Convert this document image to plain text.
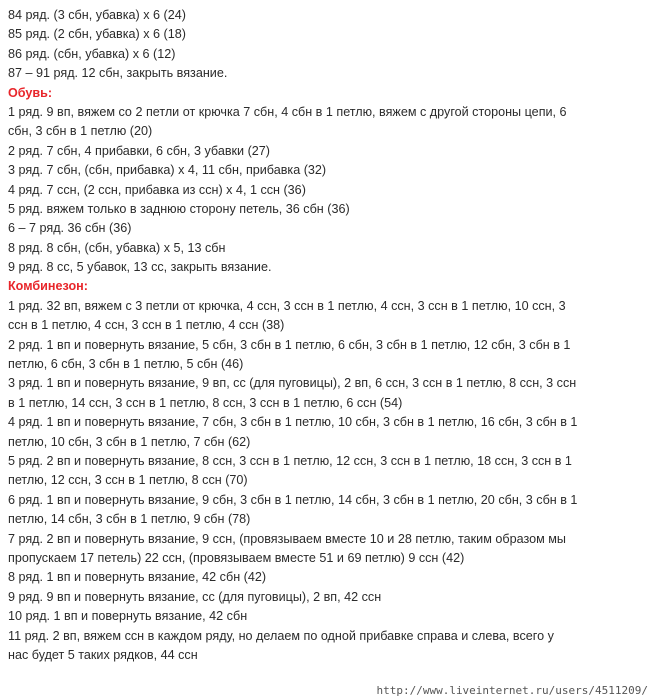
84 ряд. (3 сбн, убавка) х 6 (24)
85 ряд. (2 сбн, убавка) х 6 (18)
86 ряд. (сбн, убавка) х 6 (12)
87 – 91 ряд. 12 сбн, закрыть вязание.
Обувь:
1 ряд. 9 вп, вяжем со 2 петли от крючка 7 сбн, 4 сбн в 1 петлю, вяжем с другой стороны цепи, 6
сбн, 3 сбн в 1 петлю (20)
2 ряд. 7 сбн, 4 прибавки, 6 сбн, 3 убавки (27)
3 ряд. 7 сбн, (сбн, прибавка) х 4, 11 сбн, прибавка (32)
4 ряд. 7 ссн, (2 ссн, прибавка из ссн) х 4, 1 ссн (36)
5 ряд. вяжем только в заднюю сторону петель, 36 сбн (36)
6 – 7 ряд. 36 сбн (36)
8 ряд. 8 сбн, (сбн, убавка) х 5, 13 сбн
9 ряд. 8 сс, 5 убавок, 13 сс, закрыть вязание.
Комбинезон:
1 ряд. 32 вп, вяжем с 3 петли от крючка, 4 ссн, 3 ссн в 1 петлю, 4 ссн, 3 ссн в 1 петлю, 10 ссн, 3
ссн в 1 петлю, 4 ссн, 3 ссн в 1 петлю, 4 ссн (38)
2 ряд. 1 вп и повернуть вязание, 5 сбн, 3 сбн в 1 петлю, 6 сбн, 3 сбн в 1 петлю, 12 сбн, 3 сбн в 1
петлю, 6 сбн, 3 сбн в 1 петлю, 5 сбн (46)
3 ряд. 1 вп и повернуть вязание, 9 вп, сс (для пуговицы), 2 вп, 6 ссн, 3 ссн в 1 петлю, 8 ссн, 3 ссн
в 1 петлю, 14 ссн, 3 ссн в 1 петлю, 8 ссн, 3 ссн в 1 петлю, 6 ссн (54)
4 ряд. 1 вп и повернуть вязание, 7 сбн, 3 сбн в 1 петлю, 10 сбн, 3 сбн в 1 петлю, 16 сбн, 3 сбн в 1
петлю, 10 сбн, 3 сбн в 1 петлю, 7 сбн (62)
5 ряд. 2 вп и повернуть вязание, 8 ссн, 3 ссн в 1 петлю, 12 ссн, 3 ссн в 1 петлю, 18 ссн, 3 ссн в 1
петлю, 12 ссн, 3 ссн в 1 петлю, 8 ссн (70)
6 ряд. 1 вп и повернуть вязание, 9 сбн, 3 сбн в 1 петлю, 14 сбн, 3 сбн в 1 петлю, 20 сбн, 3 сбн в 1
петлю, 14 сбн, 3 сбн в 1 петлю, 9 сбн (78)
7 ряд. 2 вп и повернуть вязание, 9 ссн, (провязываем вместе 10 и 28 петлю, таким образом мы
пропускаем 17 петель) 22 ссн, (провязываем вместе 51 и 69 петлю) 9 ссн (42)
8 ряд. 1 вп и повернуть вязание, 42 сбн (42)
9 ряд. 9 вп и повернуть вязание, сс (для пуговицы), 2 вп, 42 ссн
10 ряд. 1 вп и повернуть вязание, 42 сбн
11 ряд. 2 вп, вяжем ссн в каждом ряду, но делаем по одной прибавке справа и слева, всего у
нас будет 5 таких рядков, 44 ссн
http://www.liveinternet.ru/users/4511209/
